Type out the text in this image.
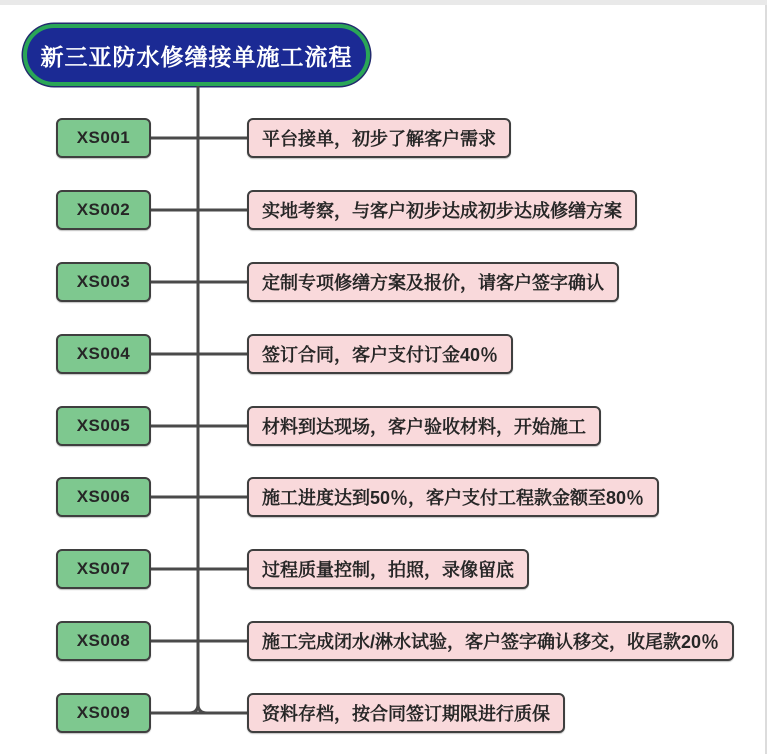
新三亚防水修缮接单施工流程
XS001	平台接单，初步了解客户需求
XS002	实地考察，与客户初步达成初步达成修缮方案
XS003	定制专项修缮方案及报价，请客户签字确认
XS004	签订合同，客户支付订金40％
XS005	材料到达现场，客户验收材料，开始施工
XS006	施工进度达到50％，客户支付工程款金额至80％
XS007	过程质量控制，拍照，录像留底
XS008	施工完成闭水/淋水试验，客户签字确认移交，收尾款20％
XS009	资料存档，按合同签订期限进行质保
